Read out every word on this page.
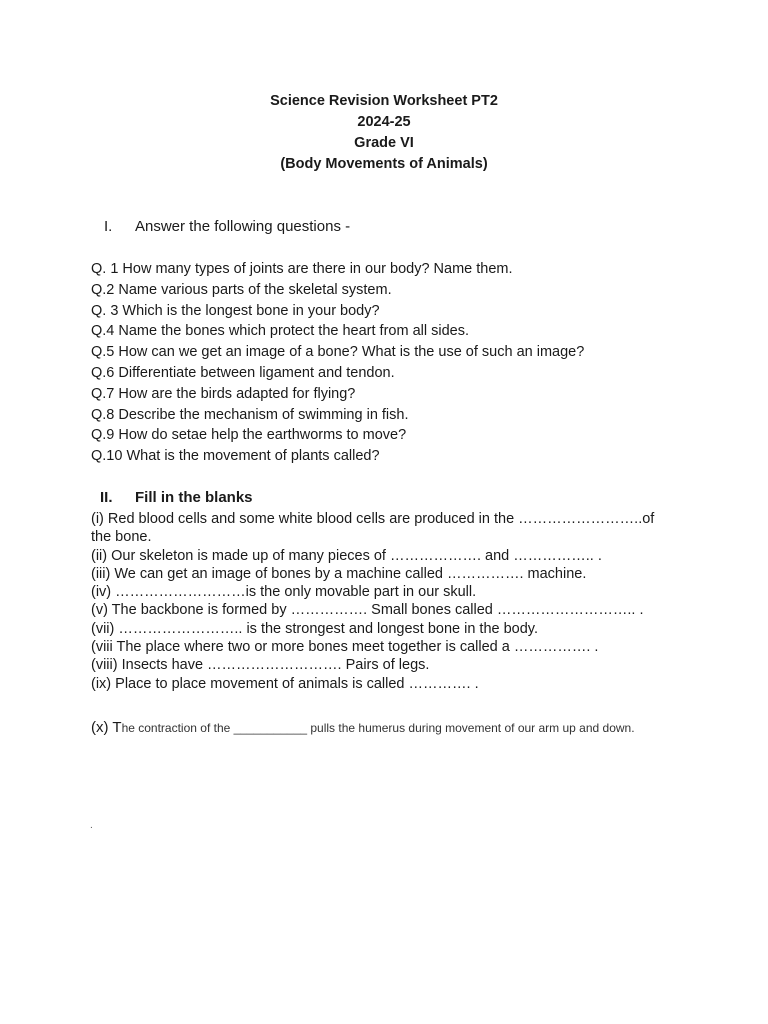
Science Revision Worksheet PT2
2024-25
Grade VI
(Body Movements of Animals)
I. Answer the following questions -
Q. 1 How many types of joints are there in our body? Name them.
Q.2 Name various parts of the skeletal system.
Q. 3 Which is the longest bone in your body?
Q.4 Name the bones which protect the heart from all sides.
Q.5 How can we get an image of a bone? What is the use of such an image?
Q.6 Differentiate between ligament and tendon.
Q.7 How are the birds adapted for flying?
Q.8 Describe the mechanism of swimming in fish.
Q.9 How do setae help the earthworms to move?
Q.10 What is the movement of plants called?
II. Fill in the blanks
(i) Red blood cells and some white blood cells are produced in the ……………………..of the bone.
(ii) Our skeleton is made up of many pieces of ………………. and …………….. .
(iii) We can get an image of bones by a machine called ……………. machine.
(iv) ………………………is the only movable part in our skull.
(v) The backbone is formed by ……………. Small bones called ……………………….. .
(vii) …………………….. is the strongest and longest bone in the body.
(viii The place where two or more bones meet together is called a ……………. .
(viii) Insects have ………………………. Pairs of legs.
(ix) Place to place movement of animals is called …………. .
(x) The contraction of the ___________ pulls the humerus during movement of our arm up and down.
.
